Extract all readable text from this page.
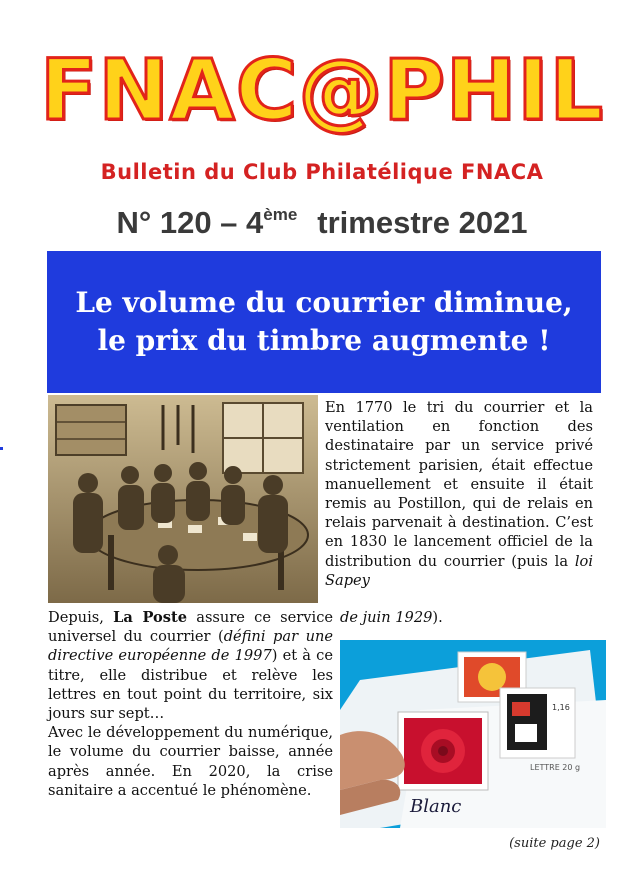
FNAC@PHIL
Bulletin du Club Philatélique FNACA
N° 120 – 4ème trimestre 2021

Le volume du courrier diminue,
le prix du timbre augmente !

En 1770 le tri du courrier et la ventilation en fonction des destinataire par un service privé strictement parisien, était effectue manuellement et ensuite il était remis au Postillon, qui de relais en relais parvenait à destination. C’est en 1830 le lancement officiel de la distribution du courrier (puis la loi Sapey

de juin 1929).

Depuis, La Poste assure ce service universel du courrier (défini par une directive européenne de 1997) et à ce titre, elle distribue et relève les lettres en tout point du territoire, six jours sur sept…
Avec le développement du numérique, le volume du courrier baisse, année après année. En 2020, la crise sanitaire a accentué le phénomène.

1,16
LETTRE 20 g
Blanc
(suite page 2)
